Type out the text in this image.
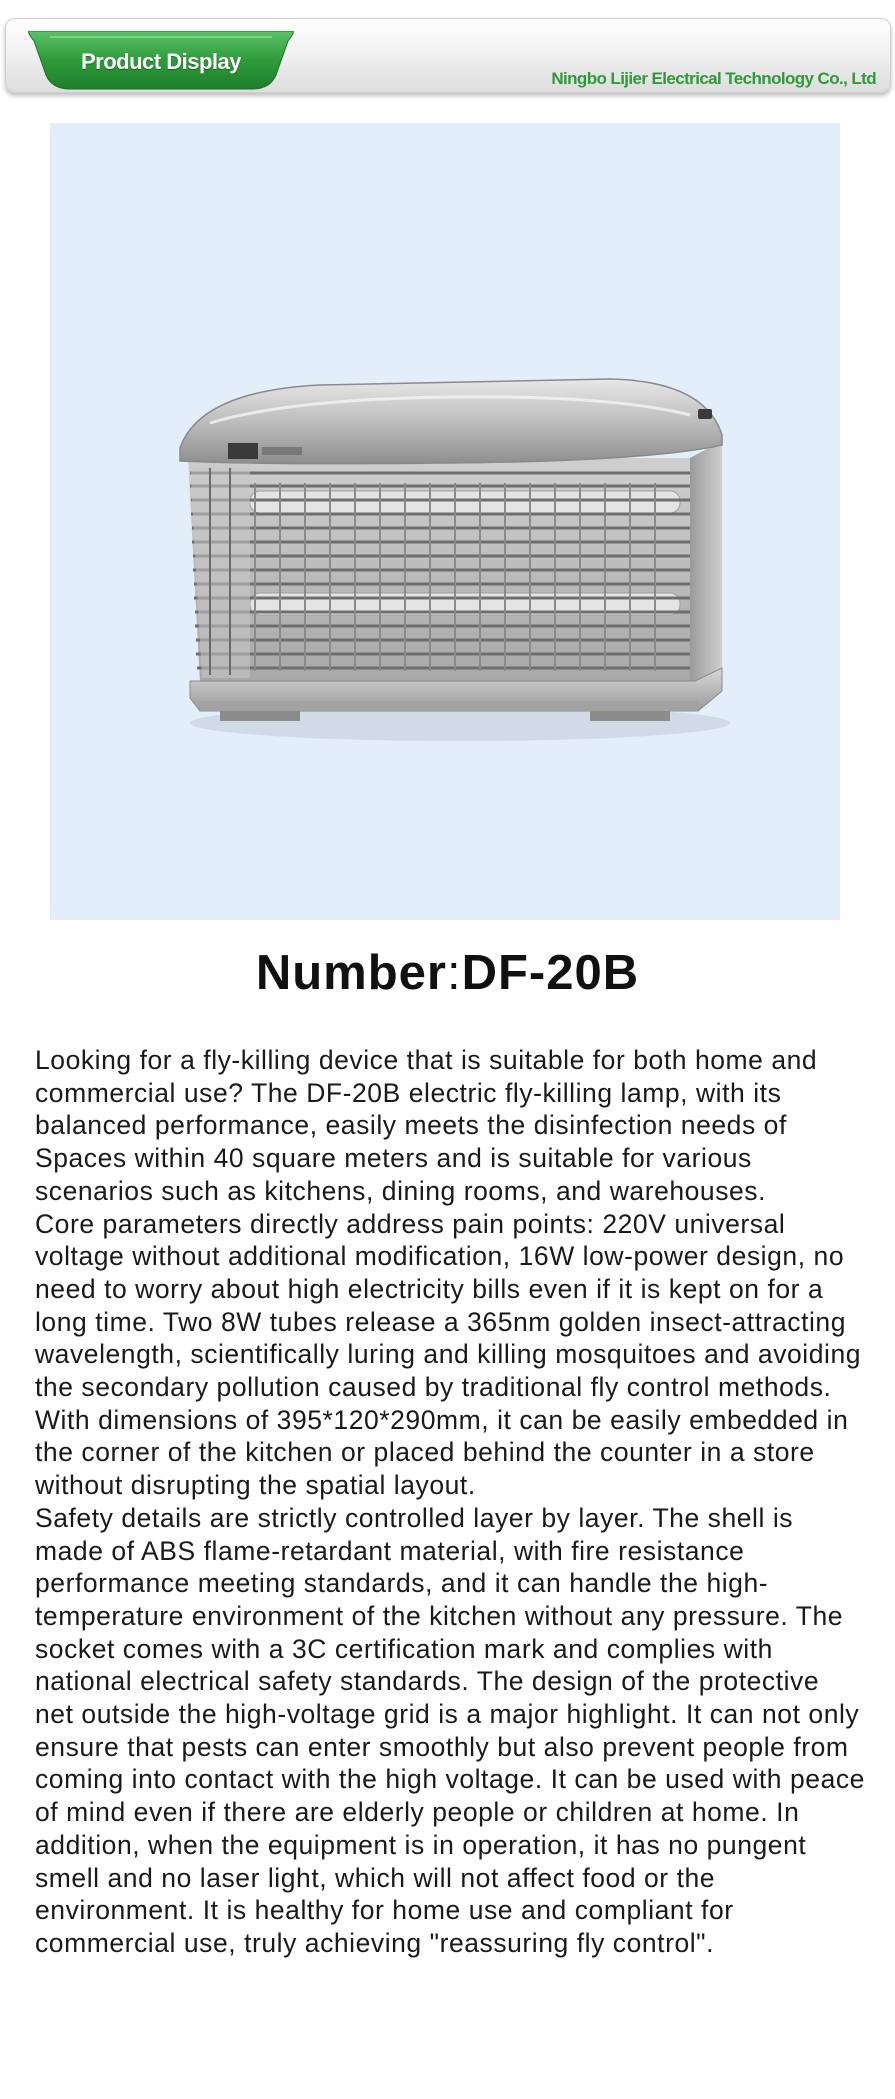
Product Display
Ningbo Lijier Electrical Technology Co., Ltd
Number:DF-20B

Looking for a fly-killing device that is suitable for both home and commercial use? The DF-20B electric fly-killing lamp, with its balanced performance, easily meets the disinfection needs of Spaces within 40 square meters and is suitable for various scenarios such as kitchens, dining rooms, and warehouses.

Core parameters directly address pain points: 220V universal voltage without additional modification, 16W low-power design, no need to worry about high electricity bills even if it is kept on for a long time. Two 8W tubes release a 365nm golden insect-attracting wavelength, scientifically luring and killing mosquitoes and avoiding the secondary pollution caused by traditional fly control methods. With dimensions of 395*120*290mm, it can be easily embedded in the corner of the kitchen or placed behind the counter in a store without disrupting the spatial layout.

Safety details are strictly controlled layer by layer. The shell is made of ABS flame-retardant material, with fire resistance performance meeting standards, and it can handle the high-temperature environment of the kitchen without any pressure. The socket comes with a 3C certification mark and complies with national electrical safety standards. The design of the protective net outside the high-voltage grid is a major highlight. It can not only ensure that pests can enter smoothly but also prevent people from coming into contact with the high voltage. It can be used with peace of mind even if there are elderly people or children at home. In addition, when the equipment is in operation, it has no pungent smell and no laser light, which will not affect food or the environment. It is healthy for home use and compliant for commercial use, truly achieving "reassuring fly control".
